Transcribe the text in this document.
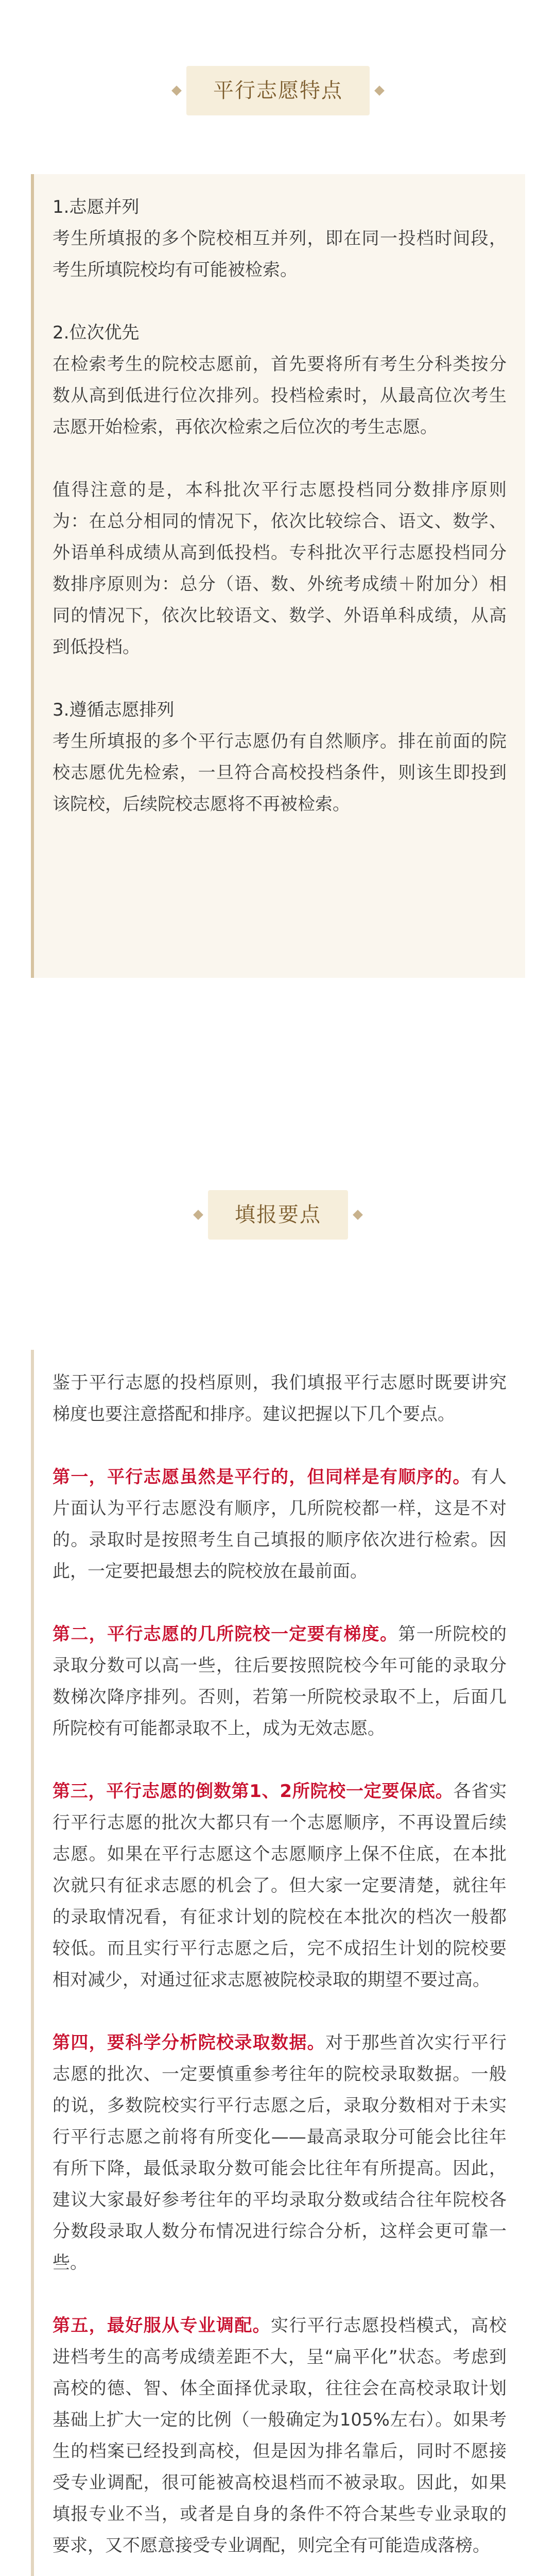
平行志愿特点

1.志愿并列

考生所填报的多个院校相互并列，即在同一投档时间段，考生所填院校均有可能被检索。

2.位次优先

在检索考生的院校志愿前，首先要将所有考生分科类按分数从高到低进行位次排列。投档检索时，从最高位次考生志愿开始检索，再依次检索之后位次的考生志愿。

值得注意的是，本科批次平行志愿投档同分数排序原则为：在总分相同的情况下，依次比较综合、语文、数学、外语单科成绩从高到低投档。专科批次平行志愿投档同分数排序原则为：总分（语、数、外统考成绩＋附加分）相同的情况下，依次比较语文、数学、外语单科成绩，从高到低投档。

3.遵循志愿排列

考生所填报的多个平行志愿仍有自然顺序。排在前面的院校志愿优先检索，一旦符合高校投档条件，则该生即投到该院校，后续院校志愿将不再被检索。

填报要点

鉴于平行志愿的投档原则，我们填报平行志愿时既要讲究梯度也要注意搭配和排序。建议把握以下几个要点。

第一，平行志愿虽然是平行的，但同样是有顺序的。有人片面认为平行志愿没有顺序，几所院校都一样，这是不对的。录取时是按照考生自己填报的顺序依次进行检索。因此，一定要把最想去的院校放在最前面。

第二，平行志愿的几所院校一定要有梯度。第一所院校的录取分数可以高一些，往后要按照院校今年可能的录取分数梯次降序排列。否则，若第一所院校录取不上，后面几所院校有可能都录取不上，成为无效志愿。

第三，平行志愿的倒数第1、2所院校一定要保底。各省实行平行志愿的批次大都只有一个志愿顺序，不再设置后续志愿。如果在平行志愿这个志愿顺序上保不住底，在本批次就只有征求志愿的机会了。但大家一定要清楚，就往年的录取情况看，有征求计划的院校在本批次的档次一般都较低。而且实行平行志愿之后，完不成招生计划的院校要相对减少，对通过征求志愿被院校录取的期望不要过高。

第四，要科学分析院校录取数据。对于那些首次实行平行志愿的批次、一定要慎重参考往年的院校录取数据。一般的说，多数院校实行平行志愿之后，录取分数相对于未实行平行志愿之前将有所变化——最高录取分可能会比往年有所下降，最低录取分数可能会比往年有所提高。因此，建议大家最好参考往年的平均录取分数或结合往年院校各分数段录取人数分布情况进行综合分析，这样会更可靠一些。

第五，最好服从专业调配。实行平行志愿投档模式，高校进档考生的高考成绩差距不大，呈“扁平化”状态。考虑到高校的德、智、体全面择优录取，往往会在高校录取计划基础上扩大一定的比例（一般确定为105%左右）。如果考生的档案已经投到高校，但是因为排名靠后，同时不愿接受专业调配，很可能被高校退档而不被录取。因此，如果填报专业不当，或者是自身的条件不符合某些专业录取的要求，又不愿意接受专业调配，则完全有可能造成落榜。
